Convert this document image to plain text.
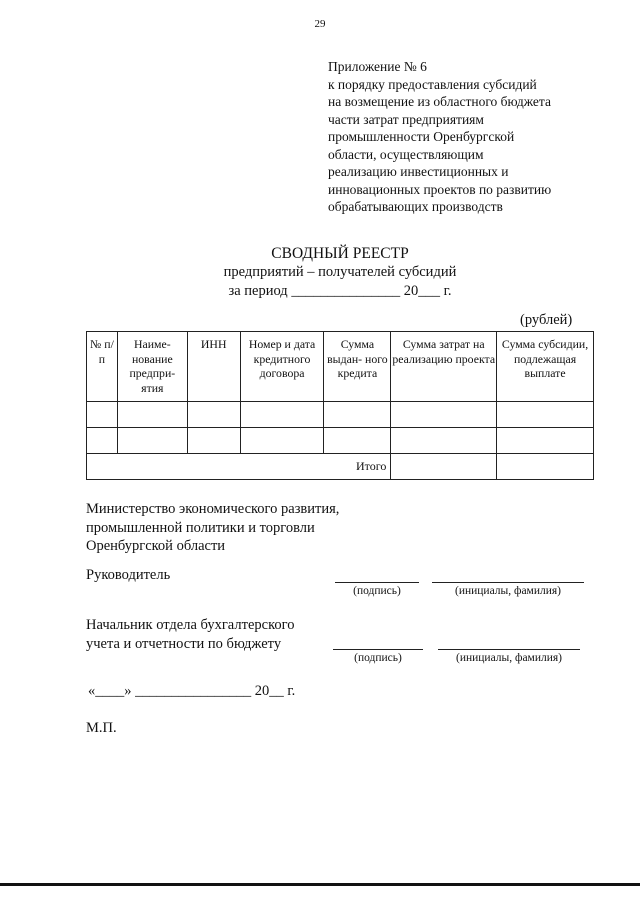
29
Приложение № 6
к порядку предоставления субсидий
на возмещение из областного бюджета
части затрат предприятиям
промышленности Оренбургской
области, осуществляющим
реализацию инвестиционных и
инновационных проектов по развитию
обрабатывающих производств
СВОДНЫЙ РЕЕСТР
предприятий – получателей субсидий
за период _______________ 20___ г.
(рублей)
№ п/п	Наиме- нование предпри- ятия	ИНН	Номер и дата кредитного договора	Сумма выдан- ного кредита	Сумма затрат на реализацию проекта	Сумма субсидии, подлежащая выплате

Итого						
Министерство экономического развития,
промышленной политики и торговли
Оренбургской области
Руководитель
(подпись)	(инициалы, фамилия)
Начальник отдела бухгалтерского
учета и отчетности по бюджету
(подпись)	(инициалы, фамилия)
«____» ________________ 20__ г.
М.П.
